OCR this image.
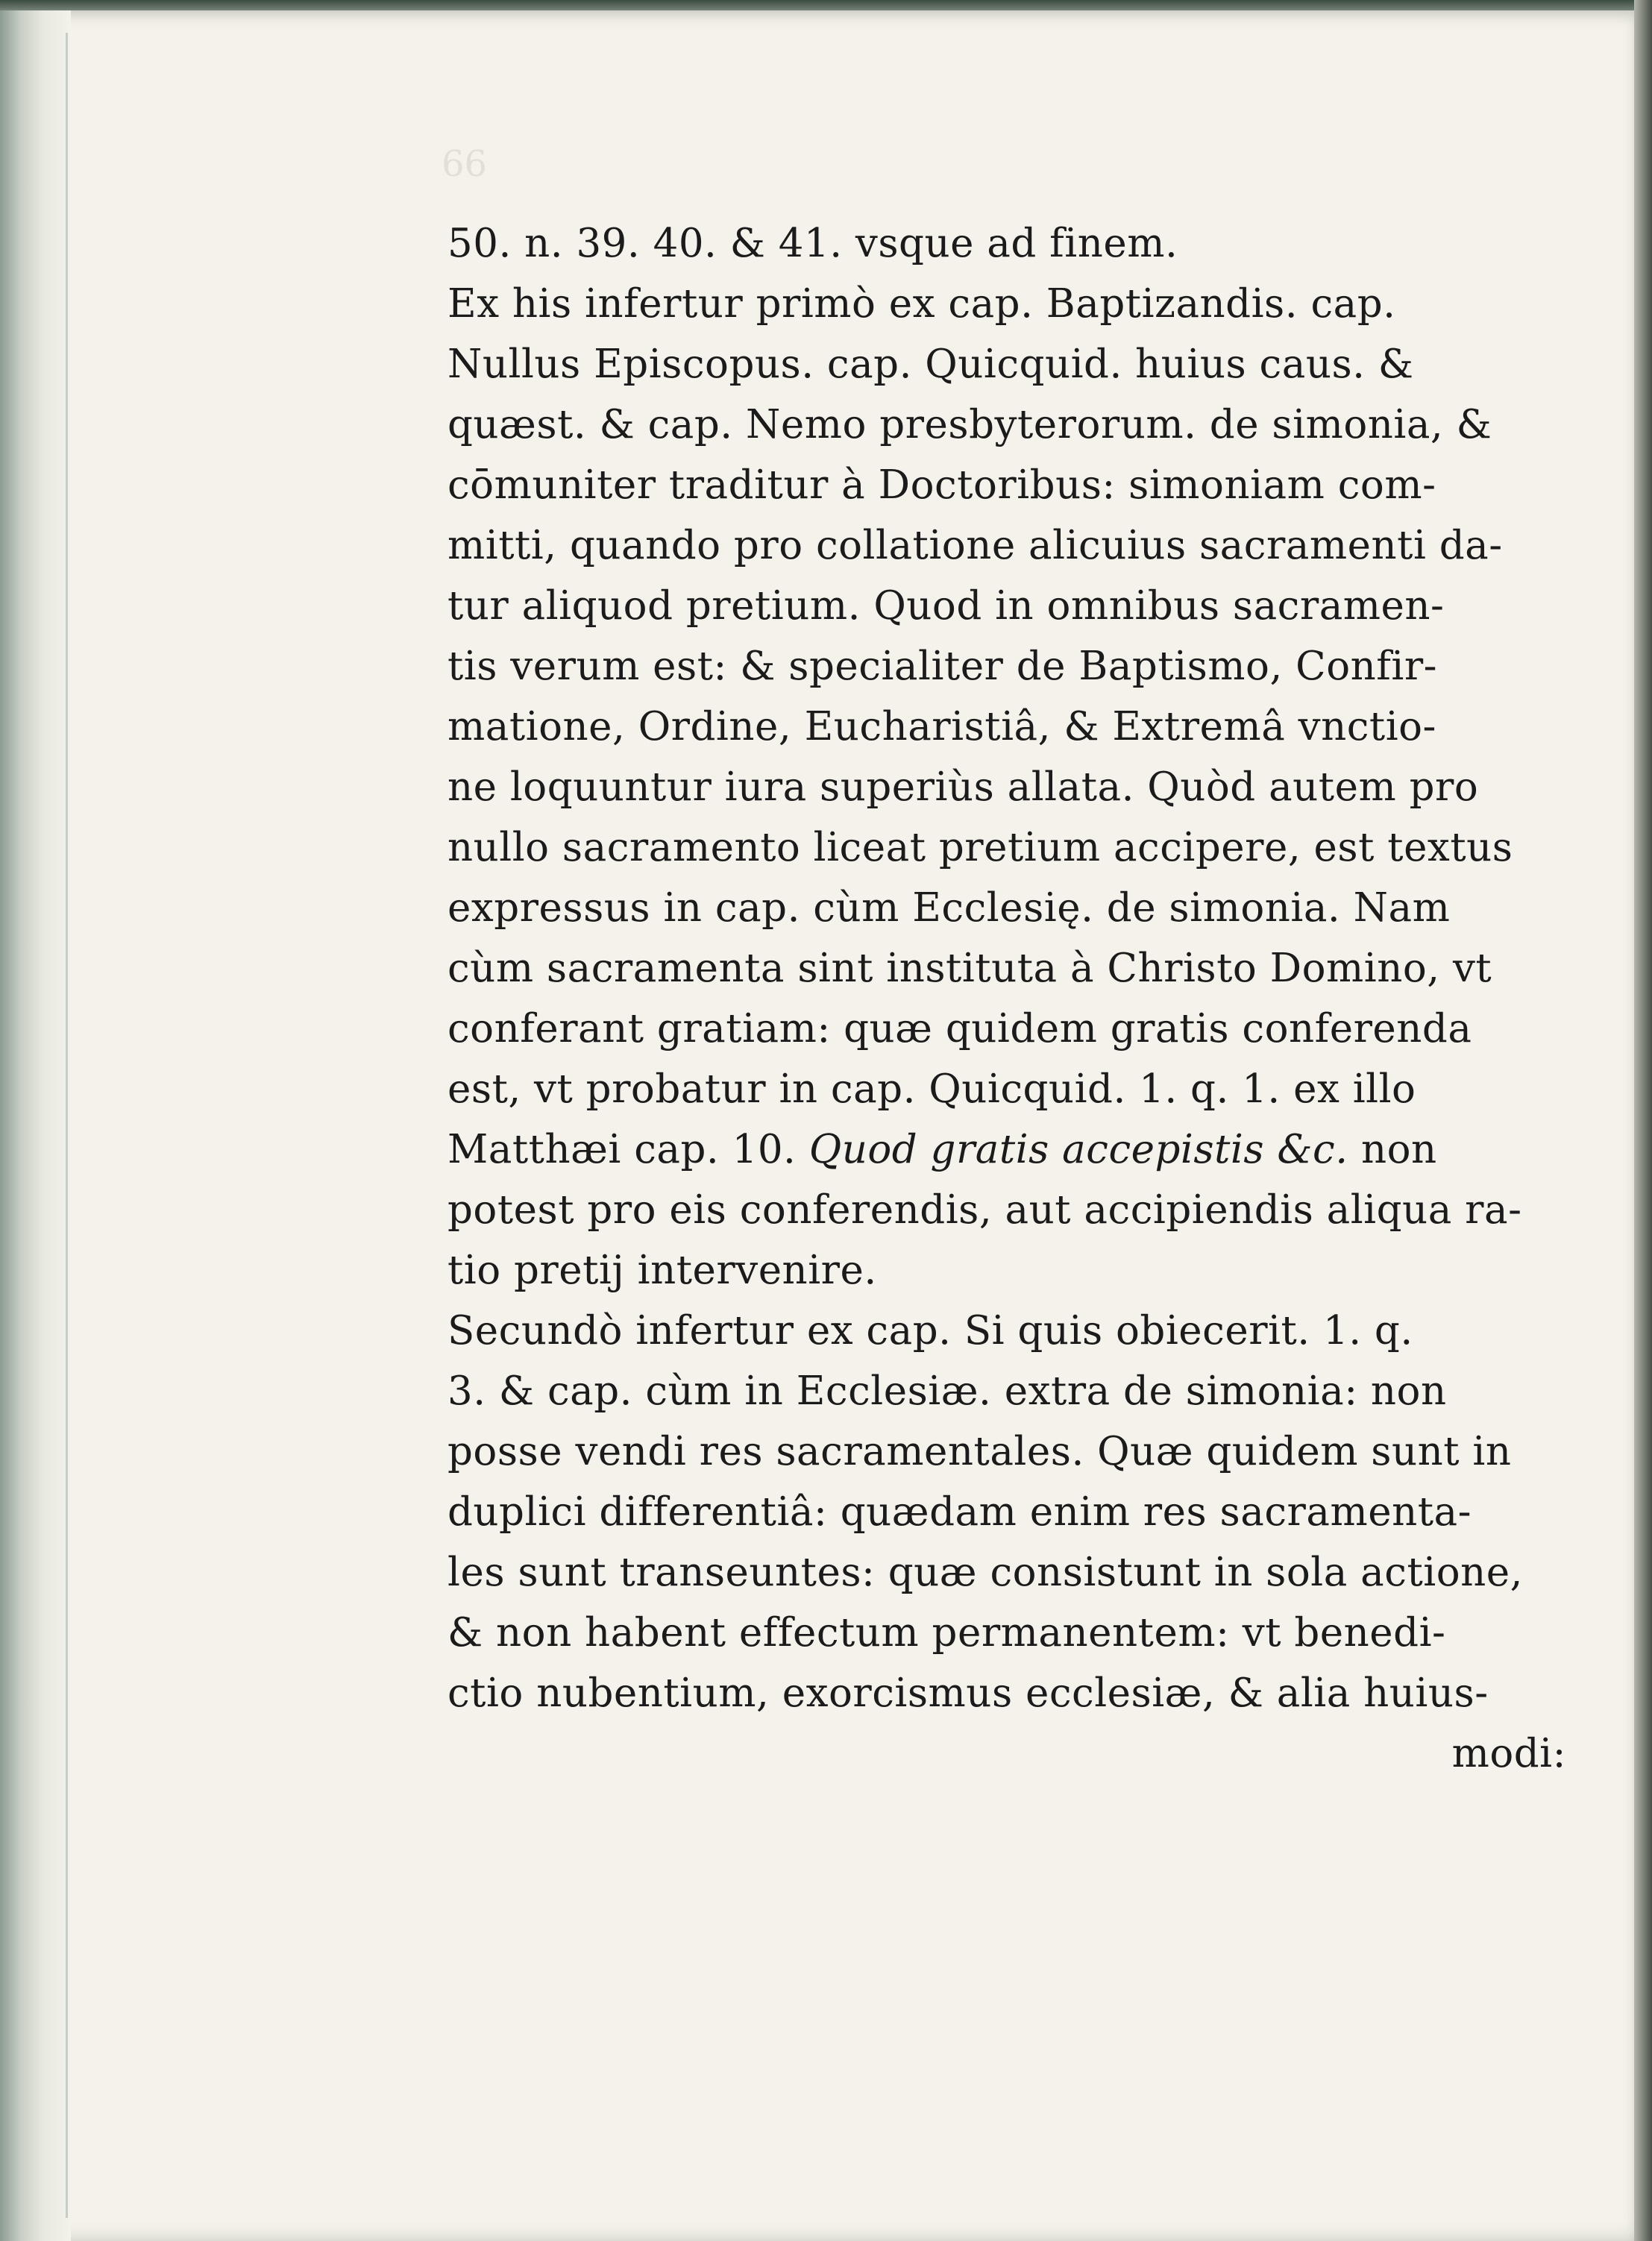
66
50. n. 39. 40. & 41. vsque ad finem.
Ex his infertur primò ex cap. Baptizandis. cap.
Nullus Episcopus. cap. Quicquid. huius caus. &
quæst. & cap. Nemo presbyterorum. de simonia, &
cōmuniter traditur à Doctoribus: simoniam com-
mitti, quando pro collatione alicuius sacramenti da-
tur aliquod pretium. Quod in omnibus sacramen-
tis verum est: & specialiter de Baptismo, Confir-
matione, Ordine, Eucharistiâ, & Extremâ vnctio-
ne loquuntur iura superiùs allata. Quòd autem pro
nullo sacramento liceat pretium accipere, est textus
expressus in cap. cùm Ecclesię. de simonia. Nam
cùm sacramenta sint instituta à Christo Domino, vt
conferant gratiam: quæ quidem gratis conferenda
est, vt probatur in cap. Quicquid. 1. q. 1. ex illo
Matthæi cap. 10. Quod gratis accepistis &c. non
potest pro eis conferendis, aut accipiendis aliqua ra-
tio pretij intervenire.
Secundò infertur ex cap. Si quis obiecerit. 1. q.
3. & cap. cùm in Ecclesiæ. extra de simonia: non
posse vendi res sacramentales. Quæ quidem sunt in
duplici differentiâ: quædam enim res sacramenta-
les sunt transeuntes: quæ consistunt in sola actione,
& non habent effectum permanentem: vt benedi-
ctio nubentium, exorcismus ecclesiæ, & alia huius-
modi:
